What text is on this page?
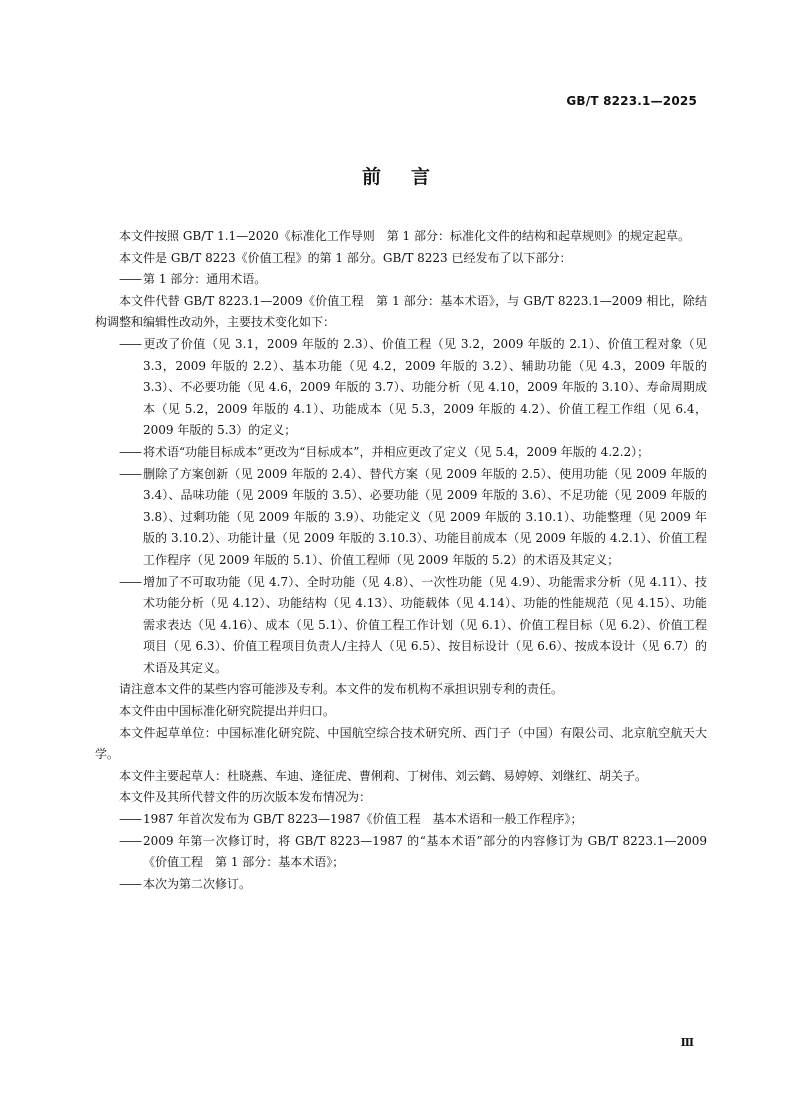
GB/T 8223.1—2025
前言

本文件按照 GB/T 1.1—2020《标准化工作导则　第 1 部分：标准化文件的结构和起草规则》的规定起草。

本文件是 GB/T 8223《价值工程》的第 1 部分。GB/T 8223 已经发布了以下部分：

—— 第 1 部分：通用术语。

本文件代替 GB/T 8223.1—2009《价值工程　第 1 部分：基本术语》，与 GB/T 8223.1—2009 相比，除结构调整和编辑性改动外，主要技术变化如下：

—— 更改了价值（见 3.1，2009 年版的 2.3）、价值工程（见 3.2，2009 年版的 2.1）、价值工程对象（见 3.3，2009 年版的 2.2）、基本功能（见 4.2，2009 年版的 3.2）、辅助功能（见 4.3，2009 年版的3.3）、不必要功能（见 4.6，2009 年版的 3.7）、功能分析（见 4.10，2009 年版的 3.10）、寿命周期成本（见 5.2，2009 年版的 4.1）、功能成本（见 5.3，2009 年版的 4.2）、价值工程工作组（见 6.4，2009 年版的 5.3）的定义；

—— 将术语“功能目标成本”更改为“目标成本”，并相应更改了定义（见 5.4，2009 年版的 4.2.2）；

—— 删除了方案创新（见 2009 年版的 2.4）、替代方案（见 2009 年版的 2.5）、使用功能（见 2009 年版的 3.4）、品味功能（见 2009 年版的 3.5）、必要功能（见 2009 年版的 3.6）、不足功能（见 2009 年版的 3.8）、过剩功能（见 2009 年版的 3.9）、功能定义（见 2009 年版的 3.10.1）、功能整理（见 2009 年版的 3.10.2）、功能计量（见 2009 年版的 3.10.3）、功能目前成本（见 2009 年版的 4.2.1）、价值工程工作程序（见 2009 年版的 5.1）、价值工程师（见 2009 年版的 5.2）的术语及其定义；

—— 增加了不可取功能（见 4.7）、全时功能（见 4.8）、一次性功能（见 4.9）、功能需求分析（见 4.11）、技术功能分析（见 4.12）、功能结构（见 4.13）、功能载体（见 4.14）、功能的性能规范（见 4.15）、功能需求表达（见 4.16）、成本（见 5.1）、价值工程工作计划（见 6.1）、价值工程目标（见 6.2）、价值工程项目（见 6.3）、价值工程项目负责人/主持人（见 6.5）、按目标设计（见 6.6）、按成本设计（见 6.7）的术语及其定义。

请注意本文件的某些内容可能涉及专利。本文件的发布机构不承担识别专利的责任。

本文件由中国标准化研究院提出并归口。

本文件起草单位：中国标准化研究院、中国航空综合技术研究所、西门子（中国）有限公司、北京航空航天大学。

本文件主要起草人：杜晓燕、车迪、逄征虎、曹俐莉、丁树伟、刘云鹤、易婷婷、刘继红、胡关子。

本文件及其所代替文件的历次版本发布情况为：

—— 1987 年首次发布为 GB/T 8223—1987《价值工程　基本术语和一般工作程序》；

—— 2009 年第一次修订时，将 GB/T 8223—1987 的“基本术语”部分的内容修订为 GB/T 8223.1—2009《价值工程　第 1 部分：基本术语》；

—— 本次为第二次修订。

Ⅲ
